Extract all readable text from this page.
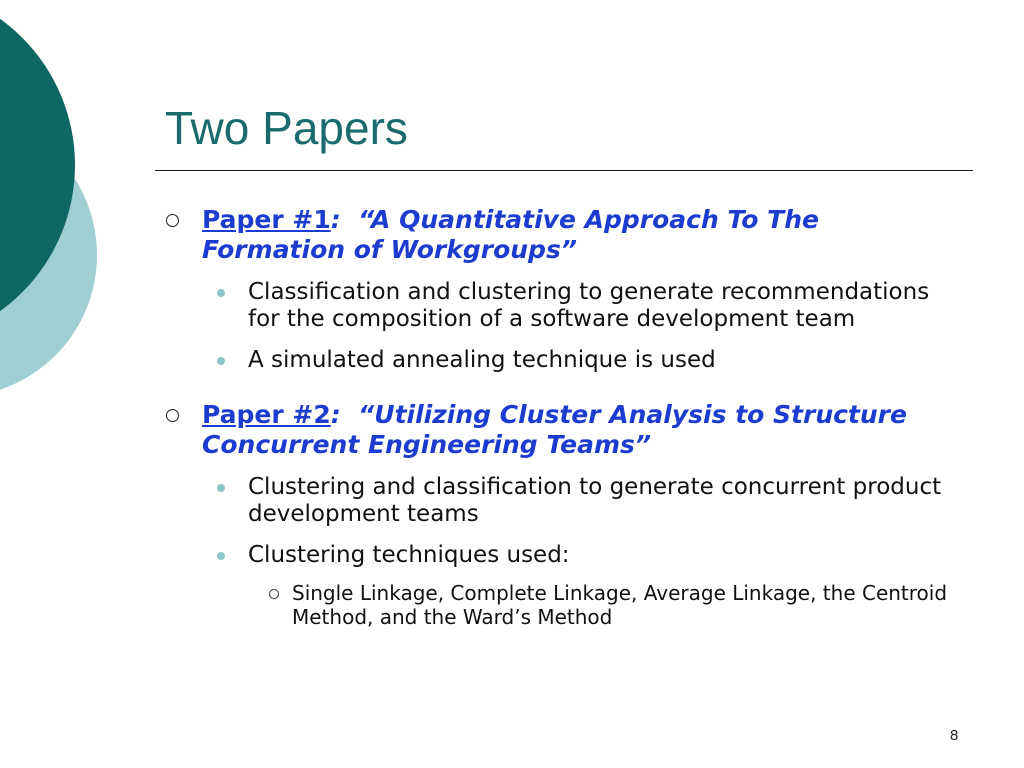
Two Papers
Paper #1: “A Quantitative Approach To The Formation of Workgroups”
Classification and clustering to generate recommendations for the composition of a software development team
A simulated annealing technique is used
Paper #2: “Utilizing Cluster Analysis to Structure Concurrent Engineering Teams”
Clustering and classification to generate concurrent product development teams
Clustering techniques used:
Single Linkage, Complete Linkage, Average Linkage, the Centroid Method, and the Ward’s Method
8
